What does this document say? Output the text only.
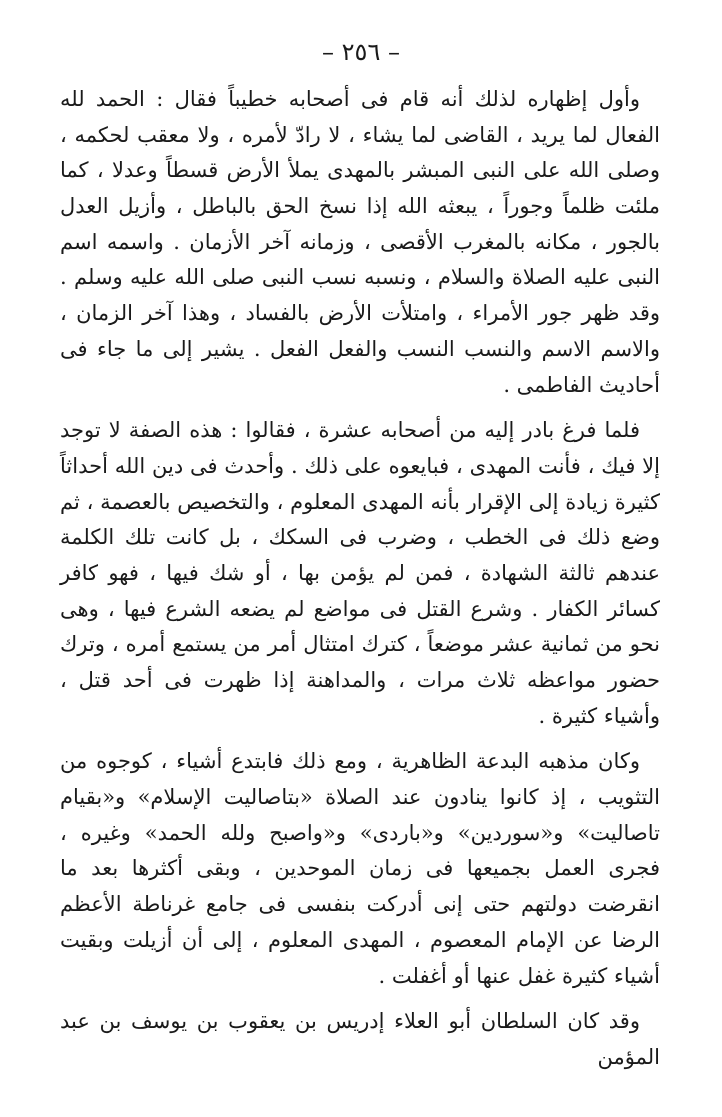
– ٢٥٦ –

وأول إظهاره لذلك أنه قام فى أصحابه خطيباً فقال : الحمد لله الفعال لما يريد ، القاضى لما يشاء ، لا رادّ لأمره ، ولا معقب لحكمه ، وصلى الله على النبى المبشر بالمهدى يملأ الأرض قسطاً وعدلا ، كما ملئت ظلماً وجوراً ، يبعثه الله إذا نسخ الحق بالباطل ، وأزيل العدل بالجور ، مكانه بالمغرب الأقصى ، وزمانه آخر الأزمان . واسمه اسم النبى عليه الصلاة والسلام ، ونسبه نسب النبى صلى الله عليه وسلم . وقد ظهر جور الأمراء ، وامتلأت الأرض بالفساد ، وهذا آخر الزمان ، والاسم الاسم والنسب النسب والفعل الفعل . يشير إلى ما جاء فى أحاديث الفاطمى .

فلما فرغ بادر إليه من أصحابه عشرة ، فقالوا : هذه الصفة لا توجد إلا فيك ، فأنت المهدى ، فبايعوه على ذلك . وأحدث فى دين الله أحداثاً كثيرة زيادة إلى الإقرار بأنه المهدى المعلوم ، والتخصيص بالعصمة ، ثم وضع ذلك فى الخطب ، وضرب فى السكك ، بل كانت تلك الكلمة عندهم ثالثة الشهادة ، فمن لم يؤمن بها ، أو شك فيها ، فهو كافر كسائر الكفار . وشرع القتل فى مواضع لم يضعه الشرع فيها ، وهى نحو من ثمانية عشر موضعاً ، كترك امتثال أمر من يستمع أمره ، وترك حضور مواعظه ثلاث مرات ، والمداهنة إذا ظهرت فى أحد قتل ، وأشياء كثيرة .

وكان مذهبه البدعة الظاهرية ، ومع ذلك فابتدع أشياء ، كوجوه من التثويب ، إذ كانوا ينادون عند الصلاة «بتاصاليت الإسلام» و«بقيام تاصاليت» و«سوردين» و«باردى» و«واصبح ولله الحمد» وغيره ، فجرى العمل بجميعها فى زمان الموحدين ، وبقى أكثرها بعد ما انقرضت دولتهم حتى إنى أدركت بنفسى فى جامع غرناطة الأعظم الرضا عن الإمام المعصوم ، المهدى المعلوم ، إلى أن أزيلت وبقيت أشياء كثيرة غفل عنها أو أغفلت .

وقد كان السلطان أبو العلاء إدريس بن يعقوب بن يوسف بن عبد المؤمن
